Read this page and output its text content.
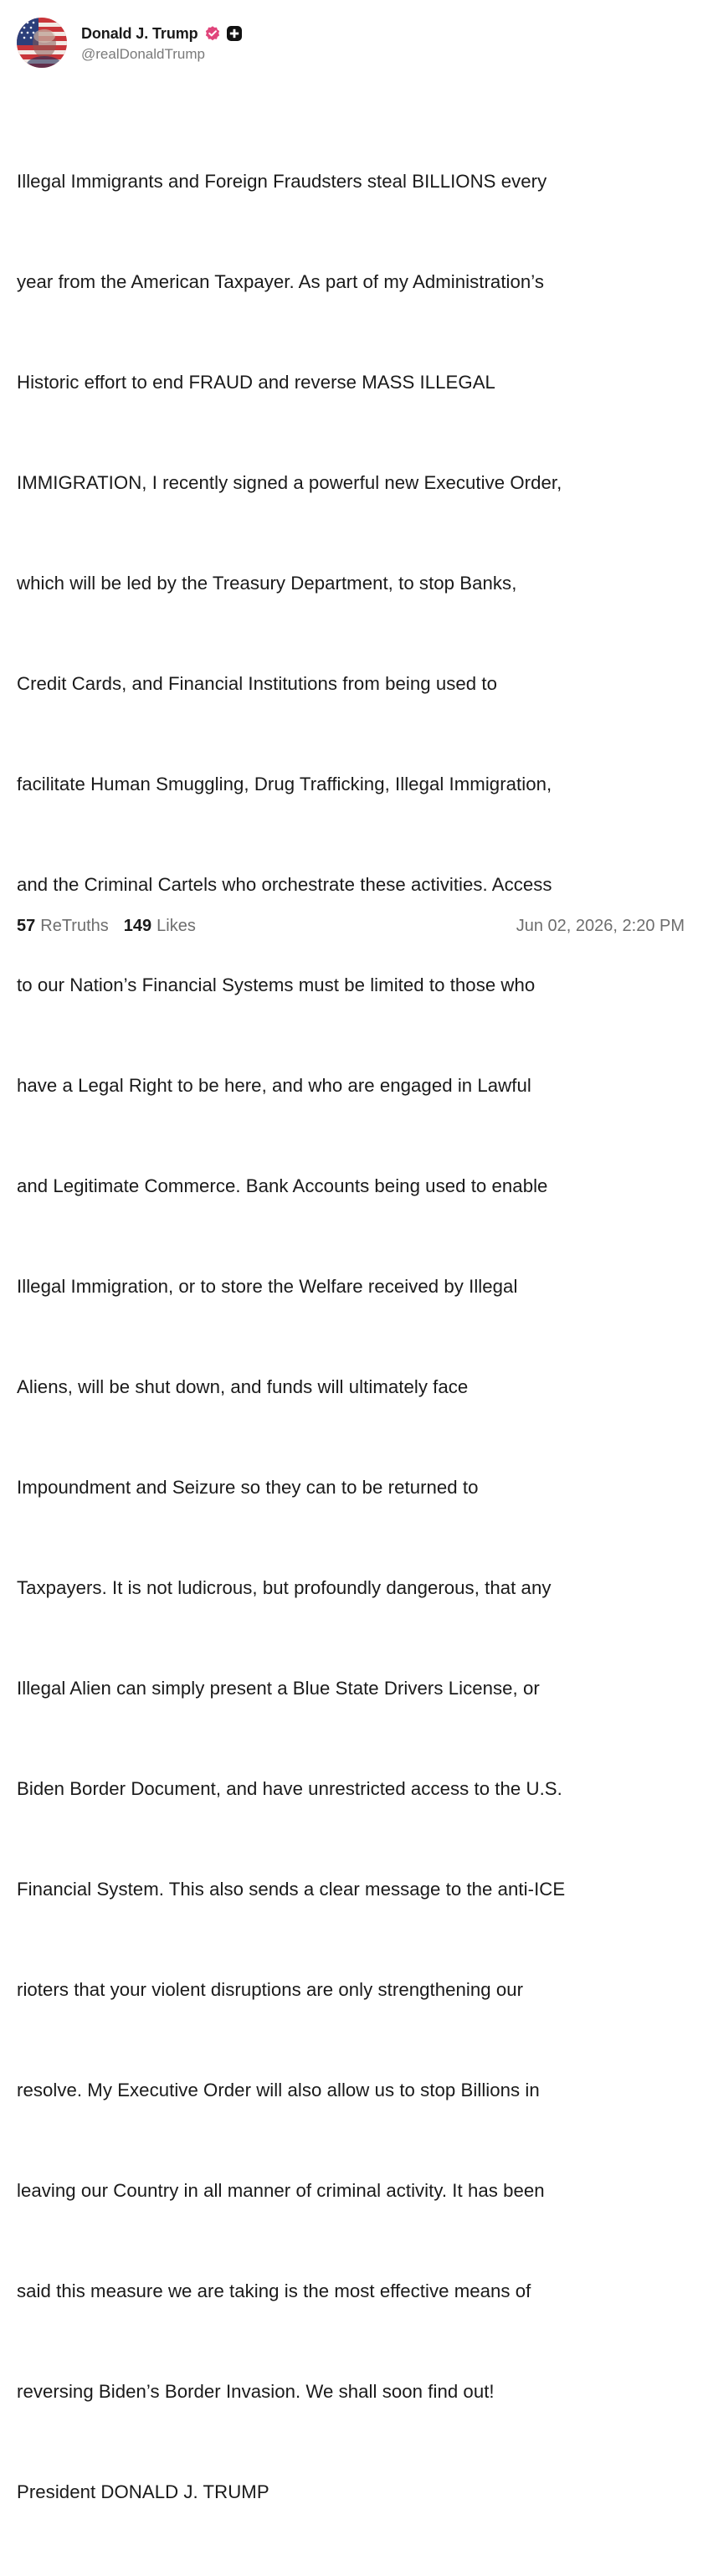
Donald J. Trump
@realDonaldTrump

Illegal Immigrants and Foreign Fraudsters steal BILLIONS every

year from the American Taxpayer. As part of my Administration’s

Historic effort to end FRAUD and reverse MASS ILLEGAL

IMMIGRATION, I recently signed a powerful new Executive Order,

which will be led by the Treasury Department, to stop Banks,

Credit Cards, and Financial Institutions from being used to

facilitate Human Smuggling, Drug Trafficking, Illegal Immigration,

and the Criminal Cartels who orchestrate these activities. Access

to our Nation’s Financial Systems must be limited to those who

have a Legal Right to be here, and who are engaged in Lawful

and Legitimate Commerce. Bank Accounts being used to enable

Illegal Immigration, or to store the Welfare received by Illegal

Aliens, will be shut down, and funds will ultimately face

Impoundment and Seizure so they can to be returned to

Taxpayers. It is not ludicrous, but profoundly dangerous, that any

Illegal Alien can simply present a Blue State Drivers License, or

Biden Border Document, and have unrestricted access to the U.S.

Financial System. This also sends a clear message to the anti-ICE

rioters that your violent disruptions are only strengthening our

resolve. My Executive Order will also allow us to stop Billions in

leaving our Country in all manner of criminal activity. It has been

said this measure we are taking is the most effective means of

reversing Biden’s Border Invasion. We shall soon find out!

President DONALD J. TRUMP

57 ReTruths 149 Likes	Jun 02, 2026, 2:20 PM
